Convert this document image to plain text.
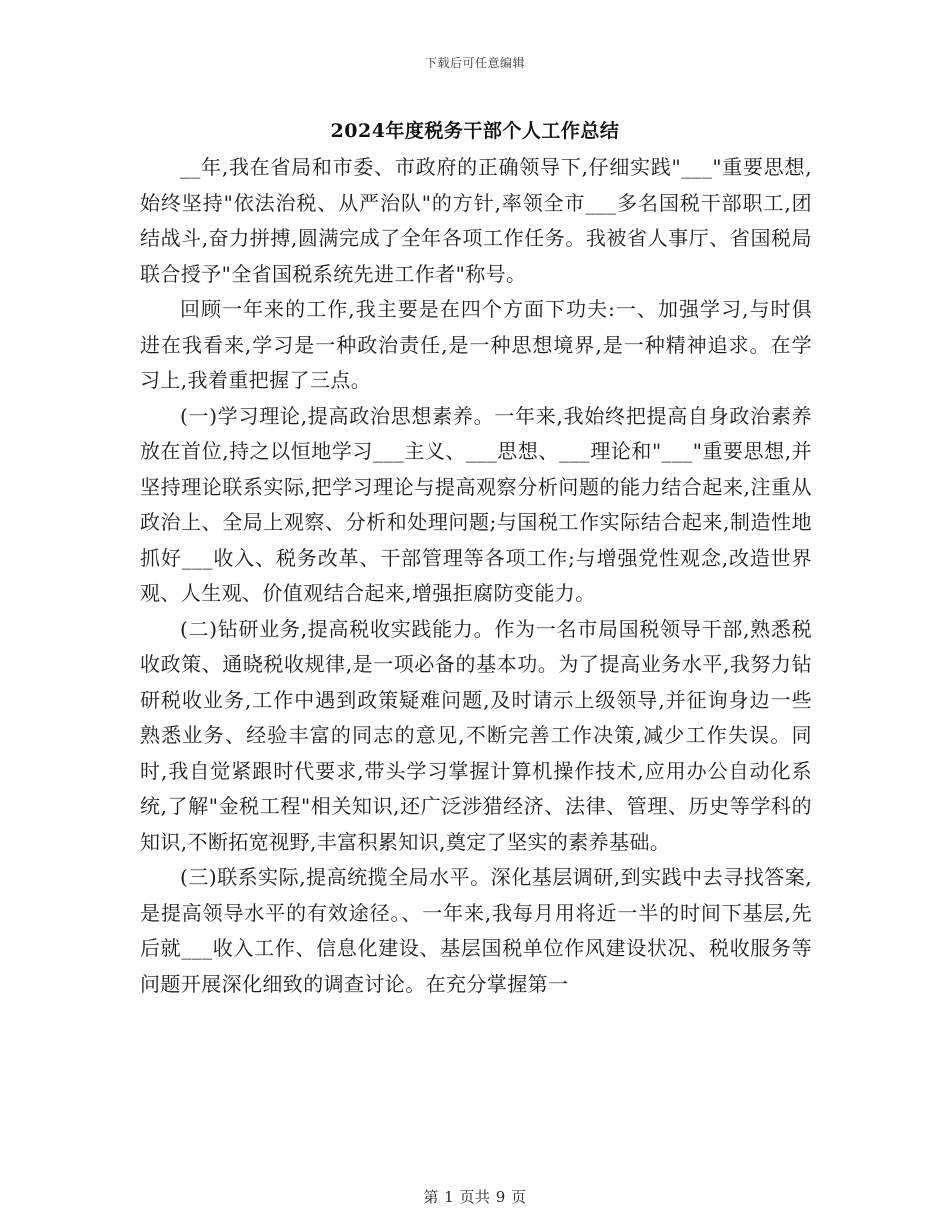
下载后可任意编辑
2024年度税务干部个人工作总结

__年,我在省局和市委、市政府的正确领导下,仔细实践"___"重要思想,始终坚持"依法治税、从严治队"的方针,率领全市___多名国税干部职工,团结战斗,奋力拼搏,圆满完成了全年各项工作任务。我被省人事厅、省国税局联合授予"全省国税系统先进工作者"称号。

回顾一年来的工作,我主要是在四个方面下功夫:一、加强学习,与时俱进在我看来,学习是一种政治责任,是一种思想境界,是一种精神追求。在学习上,我着重把握了三点。

(一)学习理论,提高政治思想素养。一年来,我始终把提高自身政治素养放在首位,持之以恒地学习___主义、___思想、___理论和"___"重要思想,并坚持理论联系实际,把学习理论与提高观察分析问题的能力结合起来,注重从政治上、全局上观察、分析和处理问题;与国税工作实际结合起来,制造性地抓好___收入、税务改革、干部管理等各项工作;与增强党性观念,改造世界观、人生观、价值观结合起来,增强拒腐防变能力。

(二)钻研业务,提高税收实践能力。作为一名市局国税领导干部,熟悉税收政策、通晓税收规律,是一项必备的基本功。为了提高业务水平,我努力钻研税收业务,工作中遇到政策疑难问题,及时请示上级领导,并征询身边一些熟悉业务、经验丰富的同志的意见,不断完善工作决策,减少工作失误。同时,我自觉紧跟时代要求,带头学习掌握计算机操作技术,应用办公自动化系统,了解"金税工程"相关知识,还广泛涉猎经济、法律、管理、历史等学科的知识,不断拓宽视野,丰富积累知识,奠定了坚实的素养基础。

(三)联系实际,提高统揽全局水平。深化基层调研,到实践中去寻找答案,是提高领导水平的有效途径。、一年来,我每月用将近一半的时间下基层,先后就___收入工作、信息化建设、基层国税单位作风建设状况、税收服务等问题开展深化细致的调查讨论。在充分掌握第一

第 1 页共 9 页
